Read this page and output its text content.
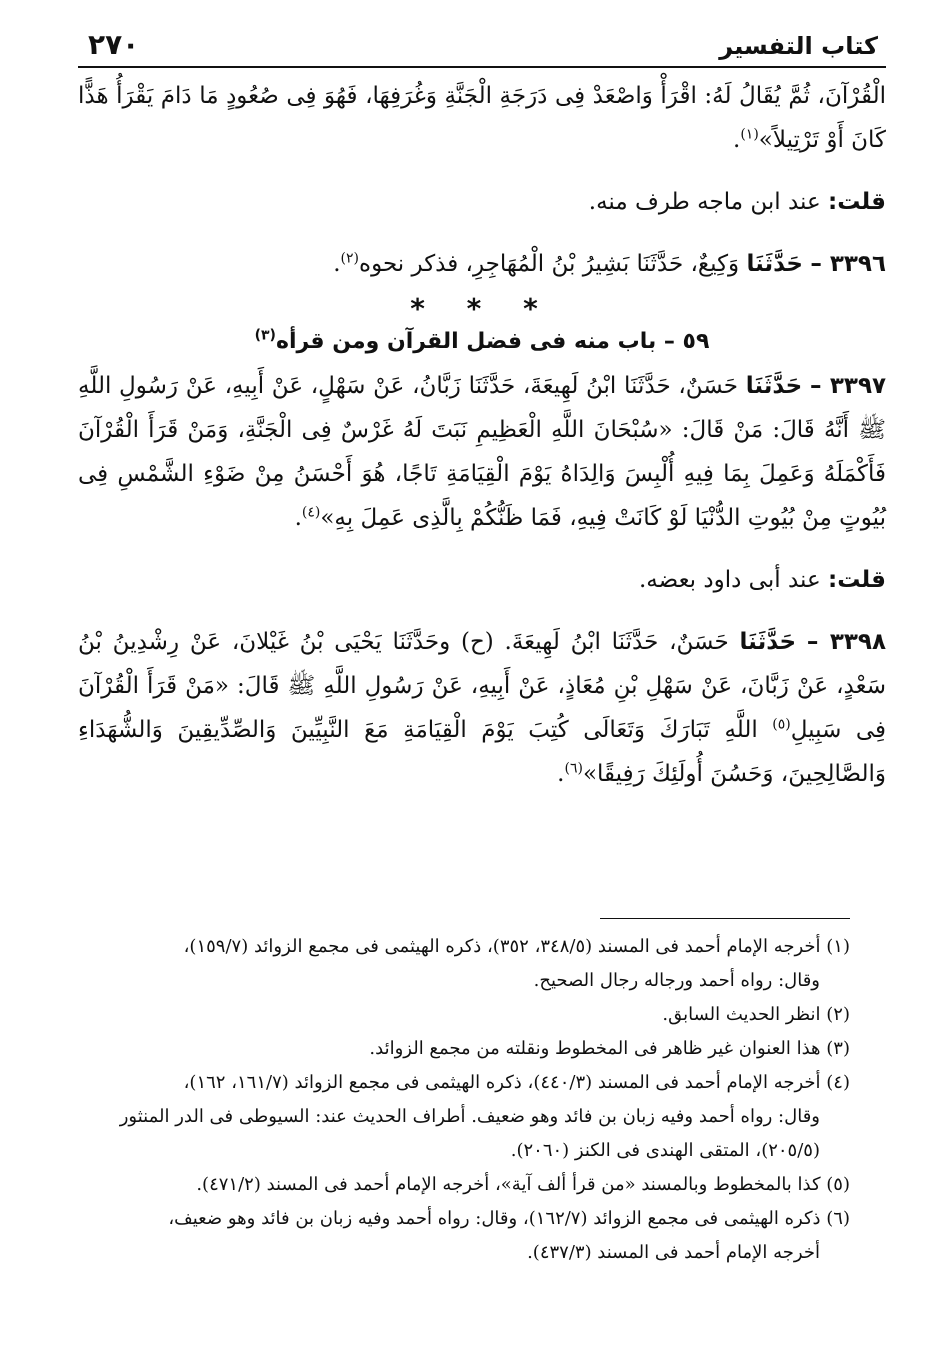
كتاب التفسير
٢٧٠

الْقُرْآنَ، ثُمَّ يُقَالُ لَهُ: اقْرَأْ وَاصْعَدْ فِى دَرَجَةِ الْجَنَّةِ وَغُرَفِهَا، فَهُوَ فِى صُعُودٍ مَا دَامَ يَقْرَأُ هَذًّا كَانَ أَوْ تَرْتِيلاً»$^{(١)}$.

قلت: عند ابن ماجه طرف منه.

٣٣٩٦ – حَدَّثَنَا وَكِيعٌ، حَدَّثَنَا بَشِيرُ بْنُ الْمُهَاجِرِ، فذكر نحوه$^{(٢)}$.

* * *
٥٩ – باب منه فى فضل القرآن ومن قرأه$^{(٣)}$

٣٣٩٧ – حَدَّثَنَا حَسَنٌ، حَدَّثَنَا ابْنُ لَهِيعَةَ، حَدَّثَنَا زَبَّانُ، عَنْ سَهْلٍ، عَنْ أَبِيهِ، عَنْ رَسُولِ اللَّهِ ﷺ أَنَّهُ قَالَ: مَنْ قَالَ: «سُبْحَانَ اللَّهِ الْعَظِيمِ نَبَتَ لَهُ غَرْسٌ فِى الْجَنَّةِ، وَمَنْ قَرَأَ الْقُرْآنَ فَأَكْمَلَهُ وَعَمِلَ بِمَا فِيهِ أُلْبِسَ وَالِدَاهُ يَوْمَ الْقِيَامَةِ تَاجًا، هُوَ أَحْسَنُ مِنْ ضَوْءِ الشَّمْسِ فِى بُيُوتٍ مِنْ بُيُوتِ الدُّنْيَا لَوْ كَانَتْ فِيهِ، فَمَا ظَنُّكُمْ بِالَّذِى عَمِلَ بِهِ»$^{(٤)}$.

قلت: عند أبى داود بعضه.

٣٣٩٨ – حَدَّثَنَا حَسَنٌ، حَدَّثَنَا ابْنُ لَهِيعَةَ. (ح) وحَدَّثَنَا يَحْيَى بْنُ غَيْلانَ، عَنْ رِشْدِينُ بْنُ سَعْدٍ، عَنْ زَبَّانَ، عَنْ سَهْلِ بْنِ مُعَاذٍ، عَنْ أَبِيهِ، عَنْ رَسُولِ اللَّهِ ﷺ قَالَ: «مَنْ قَرَأَ الْقُرْآنَ فِى سَبِيلِ$^{(٥)}$ اللَّهِ تَبَارَكَ وَتَعَالَى كُتِبَ يَوْمَ الْقِيَامَةِ مَعَ النَّبِيِّينَ وَالصِّدِّيقِينَ وَالشُّهَدَاءِ وَالصَّالِحِينَ، وَحَسُنَ أُولَئِكَ رَفِيقًا»$^{(٦)}$.

(١) أخرجه الإمام أحمد فى المسند (٣٤٨/٥، ٣٥٢)، ذكره الهيثمى فى مجمع الزوائد (١٥٩/٧)،

وقال: رواه أحمد ورجاله رجال الصحيح.

(٢) انظر الحديث السابق.

(٣) هذا العنوان غير ظاهر فى المخطوط ونقلته من مجمع الزوائد.

(٤) أخرجه الإمام أحمد فى المسند (٤٤٠/٣)، ذكره الهيثمى فى مجمع الزوائد (١٦١/٧، ١٦٢)،

وقال: رواه أحمد وفيه زبان بن فائد وهو ضعيف. أطراف الحديث عند: السيوطى فى الدر المنثور

(٢٠٥/٥)، المتقى الهندى فى الكنز (٢٠٦٠).

(٥) كذا بالمخطوط وبالمسند «من قرأ ألف آية»، أخرجه الإمام أحمد فى المسند (٤٧١/٢).

(٦) ذكره الهيثمى فى مجمع الزوائد (١٦٢/٧)، وقال: رواه أحمد وفيه زبان بن فائد وهو ضعيف،

أخرجه الإمام أحمد فى المسند (٤٣٧/٣).
